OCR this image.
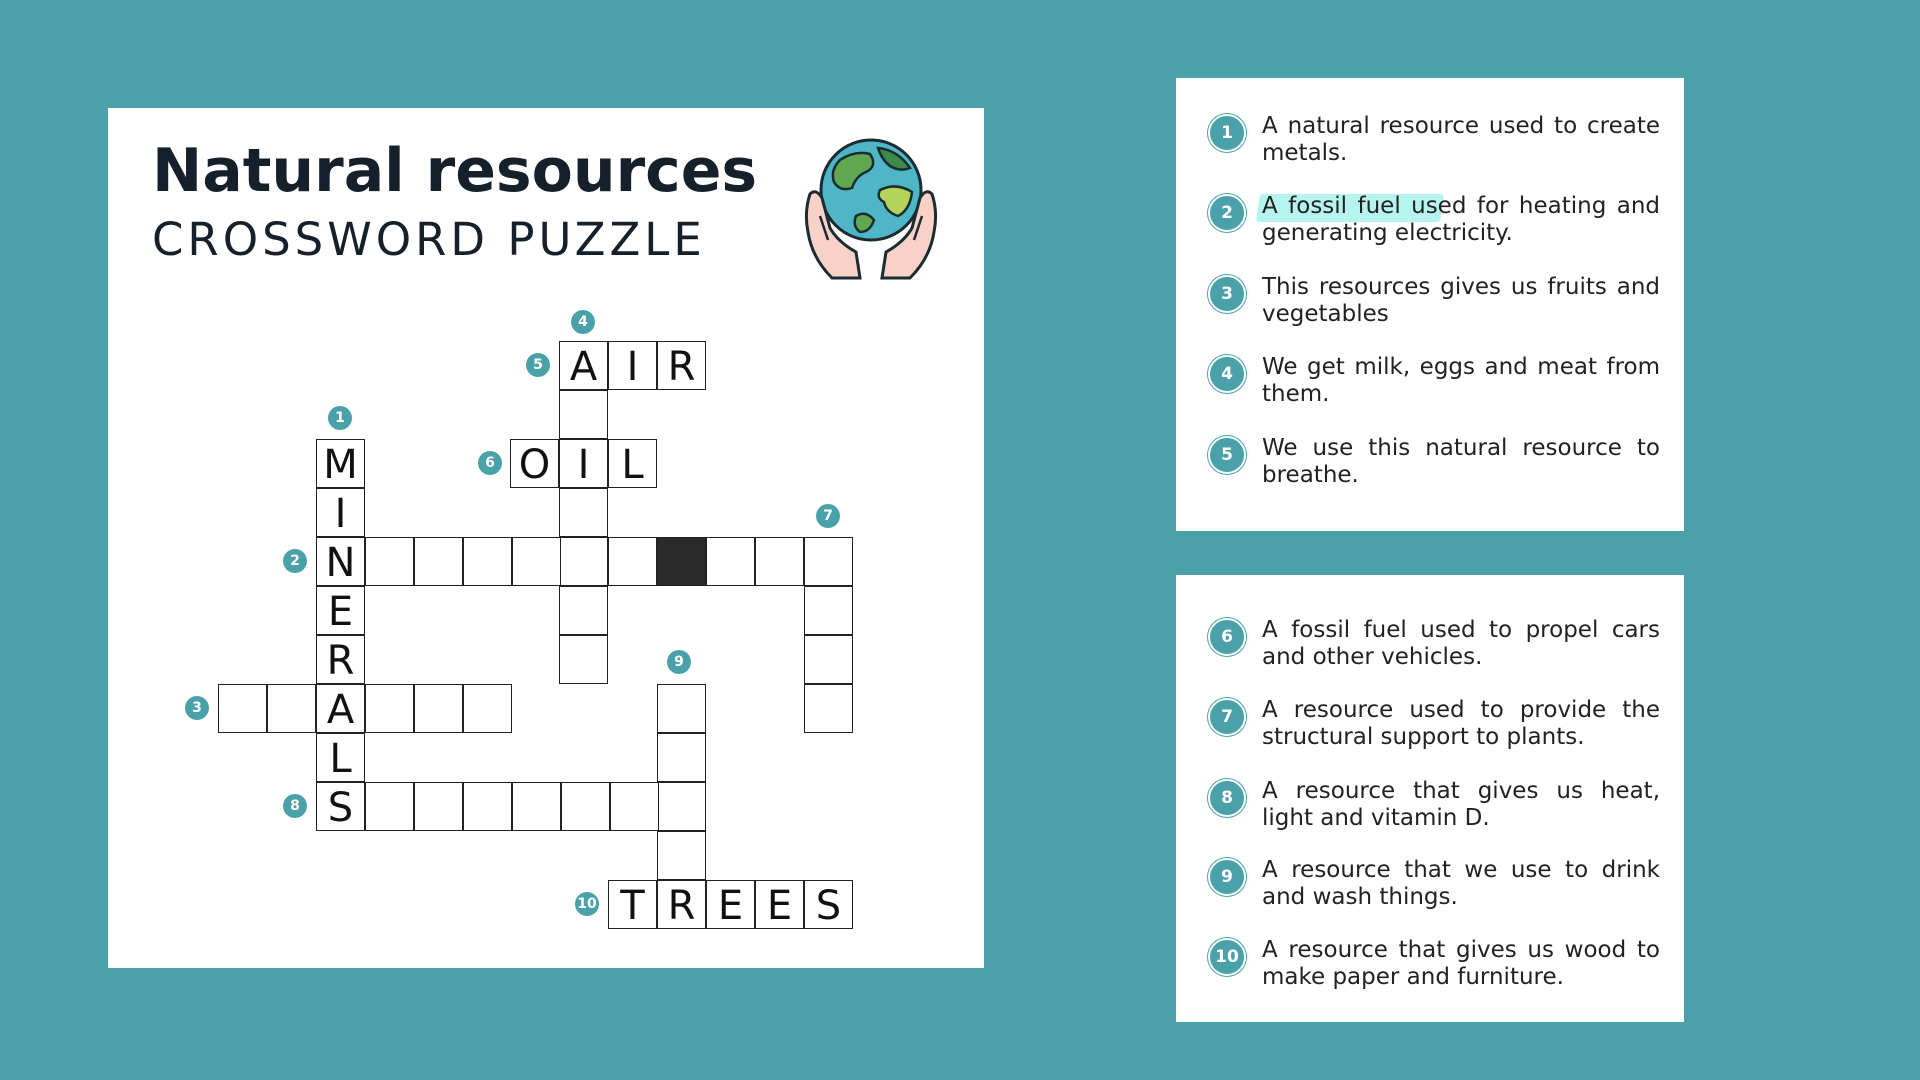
Natural resources
CROSSWORD PUZZLE
A I R
O I L
M
I
N
E
R
A
L
S
T R E E S
1
2
3
4
5
6
7
8
9
10
1	A natural resource used to create metals.
2	A fossil fuel used for heating and generating electricity.
3	This resources gives us fruits and vegetables
4	We get milk, eggs and meat from them.
5	We use this natural resource to breathe.
6	A fossil fuel used to propel cars and other vehicles.
7	A resource used to provide the structural support to plants.
8	A resource that gives us heat, light and vitamin D.
9	A resource that we use to drink and wash things.
10	A resource that gives us wood to make paper and furniture.
